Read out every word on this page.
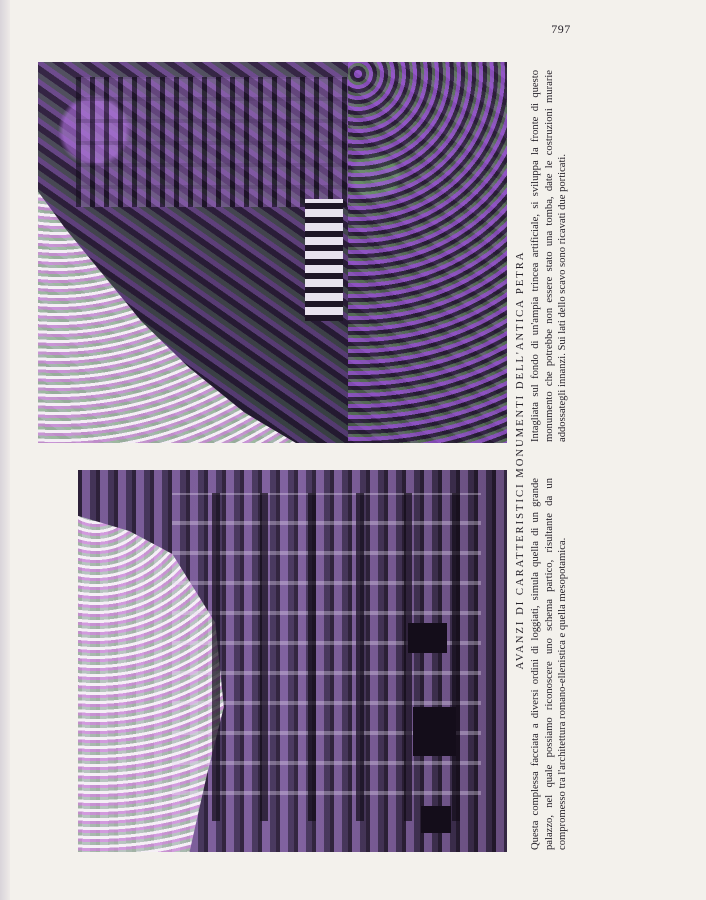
797
AVANZI DI CARATTERISTICI MONUMENTI DELL'ANTICA PETRA Questa complessa facciata a diversi ordini di loggiati, simula quella di un grande palazzo, nel quale possiamo riconoscere uno schema partico, risultante da un compromesso tra l'architettura romano-ellenistica e quella mesopotamica.

Intagliata sul fondo di un'ampia trincea artificiale, si sviluppa la fronte di questo monumento che potrebbe non essere stato una tomba, date le costruzioni murarie addossategli innanzi. Sui lati dello scavo sono ricavati due porticati.
